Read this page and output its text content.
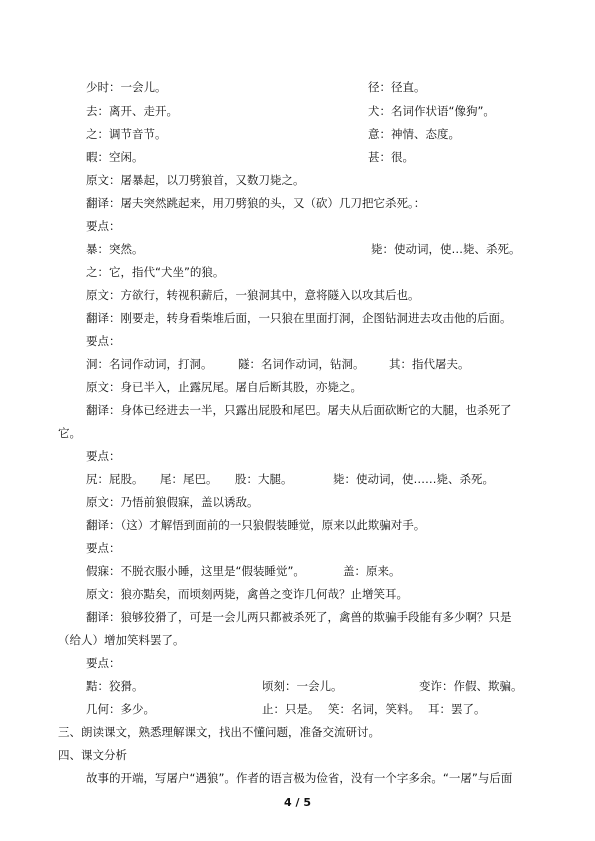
少时：一会儿。	径：径直。
去：离开、走开。	犬：名词作状语“像狗”。
之：调节音节。	意：神情、态度。
暇：空闲。	甚：很。
原文：屠暴起，以刀劈狼首，又数刀毙之。
翻译：屠夫突然跳起来，用刀劈狼的头，又（砍）几刀把它杀死。：
要点：
暴：突然。	毙：使动词，使…毙、杀死。
之：它，指代“犬坐”的狼。
原文：方欲行，转视积薪后，一狼洞其中，意将隧入以攻其后也。
翻译：刚要走，转身看柴堆后面，一只狼在里面打洞，企图钻洞进去攻击他的后面。
要点：
洞：名词作动词，打洞。 隧：名词作动词，钻洞。 其：指代屠夫。
原文：身已半入，止露尻尾。屠自后断其股，亦毙之。
翻译：身体已经进去一半，只露出屁股和尾巴。屠夫从后面砍断它的大腿，也杀死了
它。
要点：
尻：屁股。 尾：尾巴。 股：大腿。	毙：使动词，使……毙、杀死。
原文：乃悟前狼假寐，盖以诱敌。
翻译：（这）才解悟到面前的一只狼假装睡觉，原来以此欺骗对手。
要点：
假寐：不脱衣服小睡，这里是“假装睡觉”。	盖：原来。
原文：狼亦黠矣，而顷刻两毙，禽兽之变诈几何哉？止增笑耳。
翻译：狼够狡猾了，可是一会儿两只都被杀死了，禽兽的欺骗手段能有多少啊？只是
（给人）增加笑料罢了。
要点：
黠：狡猾。	顷刻：一会儿。	变诈：作假、欺骗。
几何：多少。	止：只是。 笑：名词，笑料。 耳：罢了。
三、朗读课文，熟悉理解课文，找出不懂问题，准备交流研讨。
四、课文分析
故事的开端，写屠户“遇狼”。作者的语言极为俭省，没有一个字多余。“一屠”与后面
4 / 5
